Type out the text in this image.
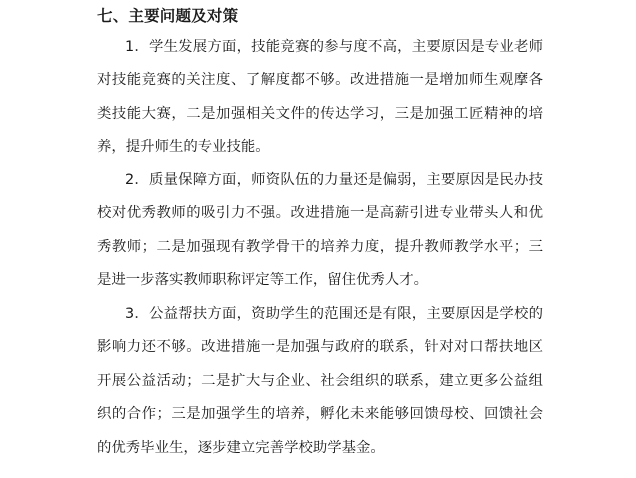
七、主要问题及对策

1．学生发展方面，技能竞赛的参与度不高，主要原因是专业老师对技能竞赛的关注度、了解度都不够。改进措施一是增加师生观摩各类技能大赛，二是加强相关文件的传达学习，三是加强工匠精神的培养，提升师生的专业技能。

2．质量保障方面，师资队伍的力量还是偏弱，主要原因是民办技校对优秀教师的吸引力不强。改进措施一是高薪引进专业带头人和优秀教师；二是加强现有教学骨干的培养力度，提升教师教学水平；三是进一步落实教师职称评定等工作，留住优秀人才。

3．公益帮扶方面，资助学生的范围还是有限，主要原因是学校的影响力还不够。改进措施一是加强与政府的联系，针对对口帮扶地区开展公益活动；二是扩大与企业、社会组织的联系，建立更多公益组织的合作；三是加强学生的培养，孵化未来能够回馈母校、回馈社会的优秀毕业生，逐步建立完善学校助学基金。
